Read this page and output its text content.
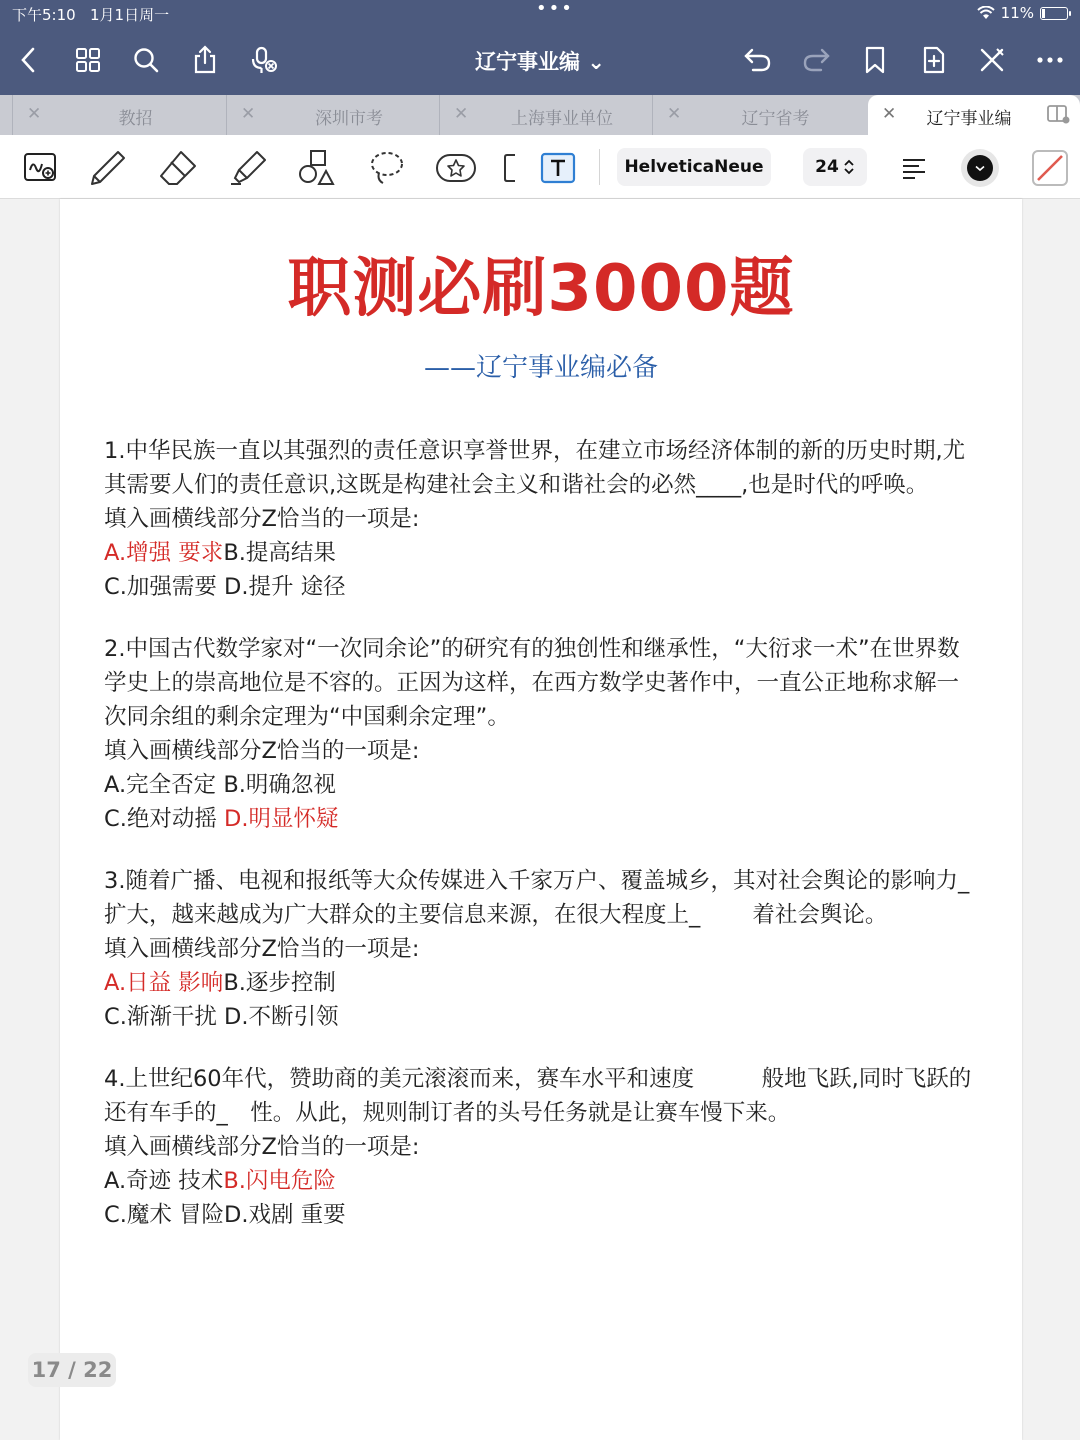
下午5:10 1月1日周一	•••	11%
辽宁事业编 ⌄
✕	教招	✕	深圳市考	✕	上海事业单位	✕	辽宁省考	✕	辽宁事业编
HelveticaNeue	24
职测必刷3000题
——辽宁事业编必备

1.中华民族一直以其强烈的责任意识享誉世界，在建立市场经济体制的新的历史时期,尤其需要人们的责任意识,这既是构建社会主义和谐社会的必然____,也是时代的呼唤。

填入画横线部分Z恰当的一项是:

A.增强 要求B.提高结果

C.加强需要 D.提升 途径

2.中国古代数学家对“一次同余论”的研究有的独创性和继承性，“大衍求一术”在世界数学史上的崇高地位是不容的。正因为这样，在西方数学史著作中，一直公正地称求解一次同余组的剩余定理为“中国剩余定理”。

填入画横线部分Z恰当的一项是:

A.完全否定 B.明确忽视

C.绝对动摇 D.明显怀疑

3.随着广播、电视和报纸等大众传媒进入千家万户、覆盖城乡，其对社会舆论的影响力_　　扩大，越来越成为广大群众的主要信息来源，在很大程度上_　　 着社会舆论。

填入画横线部分Z恰当的一项是:

A.日益 影响B.逐步控制

C.渐渐干扰 D.不断引领

4.上世纪60年代，赞助商的美元滚滚而来，赛车水平和速度　　　般地飞跃,同时飞跃的还有车手的_　性。从此，规则制订者的头号任务就是让赛车慢下来。

填入画横线部分Z恰当的一项是:

A.奇迹 技术B.闪电危险

C.魔术 冒险D.戏剧 重要

17 / 22
